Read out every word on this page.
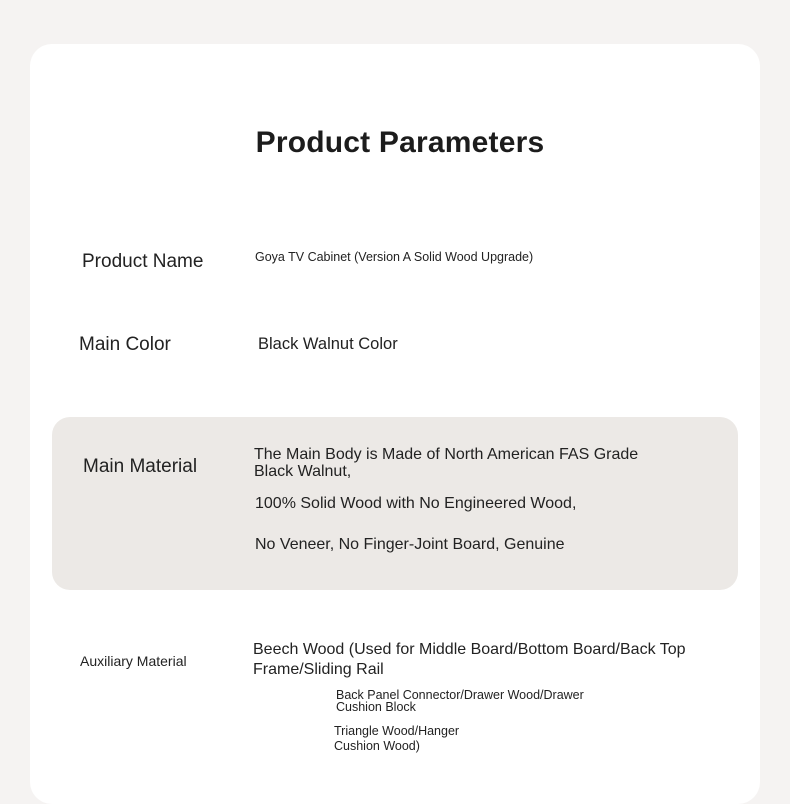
Product Parameters
Product Name	Goya TV Cabinet (Version A Solid Wood Upgrade)
Main Color	Black Walnut Color
Main Material
The Main Body is Made of North American FAS Grade Black Walnut,
100% Solid Wood with No Engineered Wood,
No Veneer, No Finger-Joint Board, Genuine
Auxiliary Material
Beech Wood (Used for Middle Board/Bottom Board/Back Top Frame/Sliding Rail
Back Panel Connector/Drawer Wood/Drawer Cushion Block
Triangle Wood/Hanger Cushion Wood)
